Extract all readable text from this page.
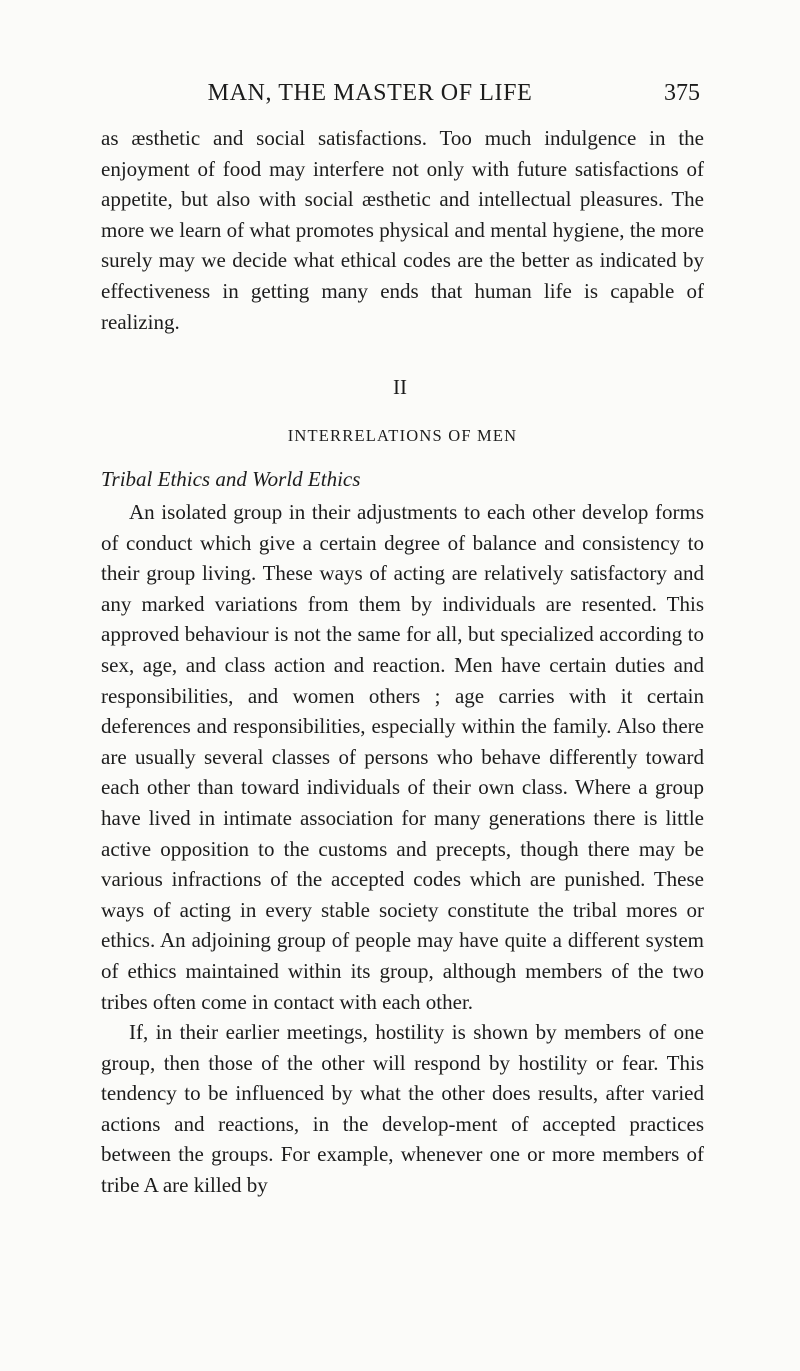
MAN, THE MASTER OF LIFE	375

as æsthetic and social satisfactions. Too much indulgence in the enjoyment of food may interfere not only with future satisfactions of appetite, but also with social æsthetic and intellectual pleasures. The more we learn of what promotes physical and mental hygiene, the more surely may we decide what ethical codes are the better as indicated by effectiveness in getting many ends that human life is capable of realizing.

II
INTERRELATIONS OF MEN
Tribal Ethics and World Ethics

An isolated group in their adjustments to each other develop forms of conduct which give a certain degree of balance and consistency to their group living. These ways of acting are relatively satisfactory and any marked variations from them by individuals are resented. This approved behaviour is not the same for all, but specialized according to sex, age, and class action and reaction. Men have certain duties and responsibilities, and women others ; age carries with it certain deferences and responsibilities, especially within the family. Also there are usually several classes of persons who behave differently toward each other than toward individuals of their own class. Where a group have lived in intimate association for many generations there is little active opposition to the customs and precepts, though there may be various infractions of the accepted codes which are punished. These ways of acting in every stable society constitute the tribal mores or ethics. An adjoining group of people may have quite a different system of ethics maintained within its group, although members of the two tribes often come in contact with each other.

If, in their earlier meetings, hostility is shown by members of one group, then those of the other will respond by hostility or fear. This tendency to be influenced by what the other does results, after varied actions and reactions, in the develop-ment of accepted practices between the groups. For example, whenever one or more members of tribe A are killed by
